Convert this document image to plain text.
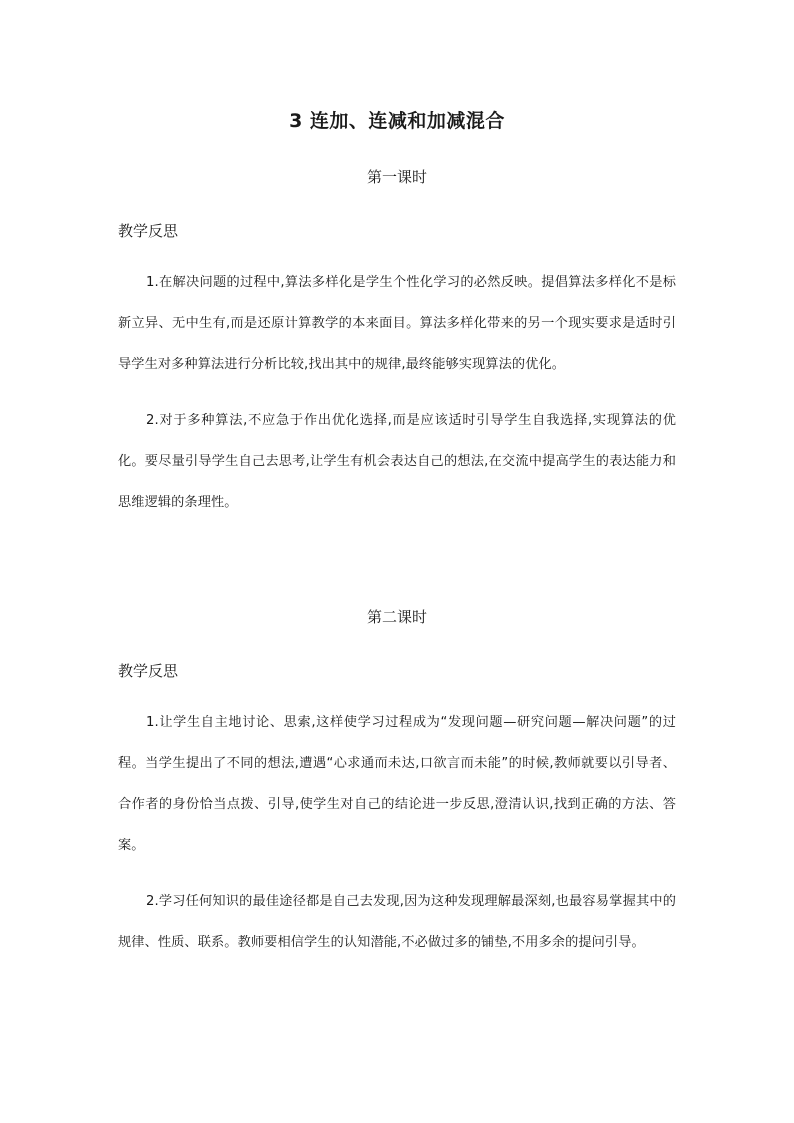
3 连加、连减和加减混合

第一课时

教学反思

1.在解决问题的过程中,算法多样化是学生个性化学习的必然反映。提倡算法多样化不是标新立异、无中生有,而是还原计算教学的本来面目。算法多样化带来的另一个现实要求是适时引导学生对多种算法进行分析比较,找出其中的规律,最终能够实现算法的优化。

2.对于多种算法,不应急于作出优化选择,而是应该适时引导学生自我选择,实现算法的优化。要尽量引导学生自己去思考,让学生有机会表达自己的想法,在交流中提高学生的表达能力和思维逻辑的条理性。

第二课时

教学反思

1.让学生自主地讨论、思索,这样使学习过程成为“发现问题—研究问题—解决问题”的过程。当学生提出了不同的想法,遭遇“心求通而未达,口欲言而未能”的时候,教师就要以引导者、合作者的身份恰当点拨、引导,使学生对自己的结论进一步反思,澄清认识,找到正确的方法、答案。

2.学习任何知识的最佳途径都是自己去发现,因为这种发现理解最深刻,也最容易掌握其中的规律、性质、联系。教师要相信学生的认知潜能,不必做过多的铺垫,不用多余的提问引导。
